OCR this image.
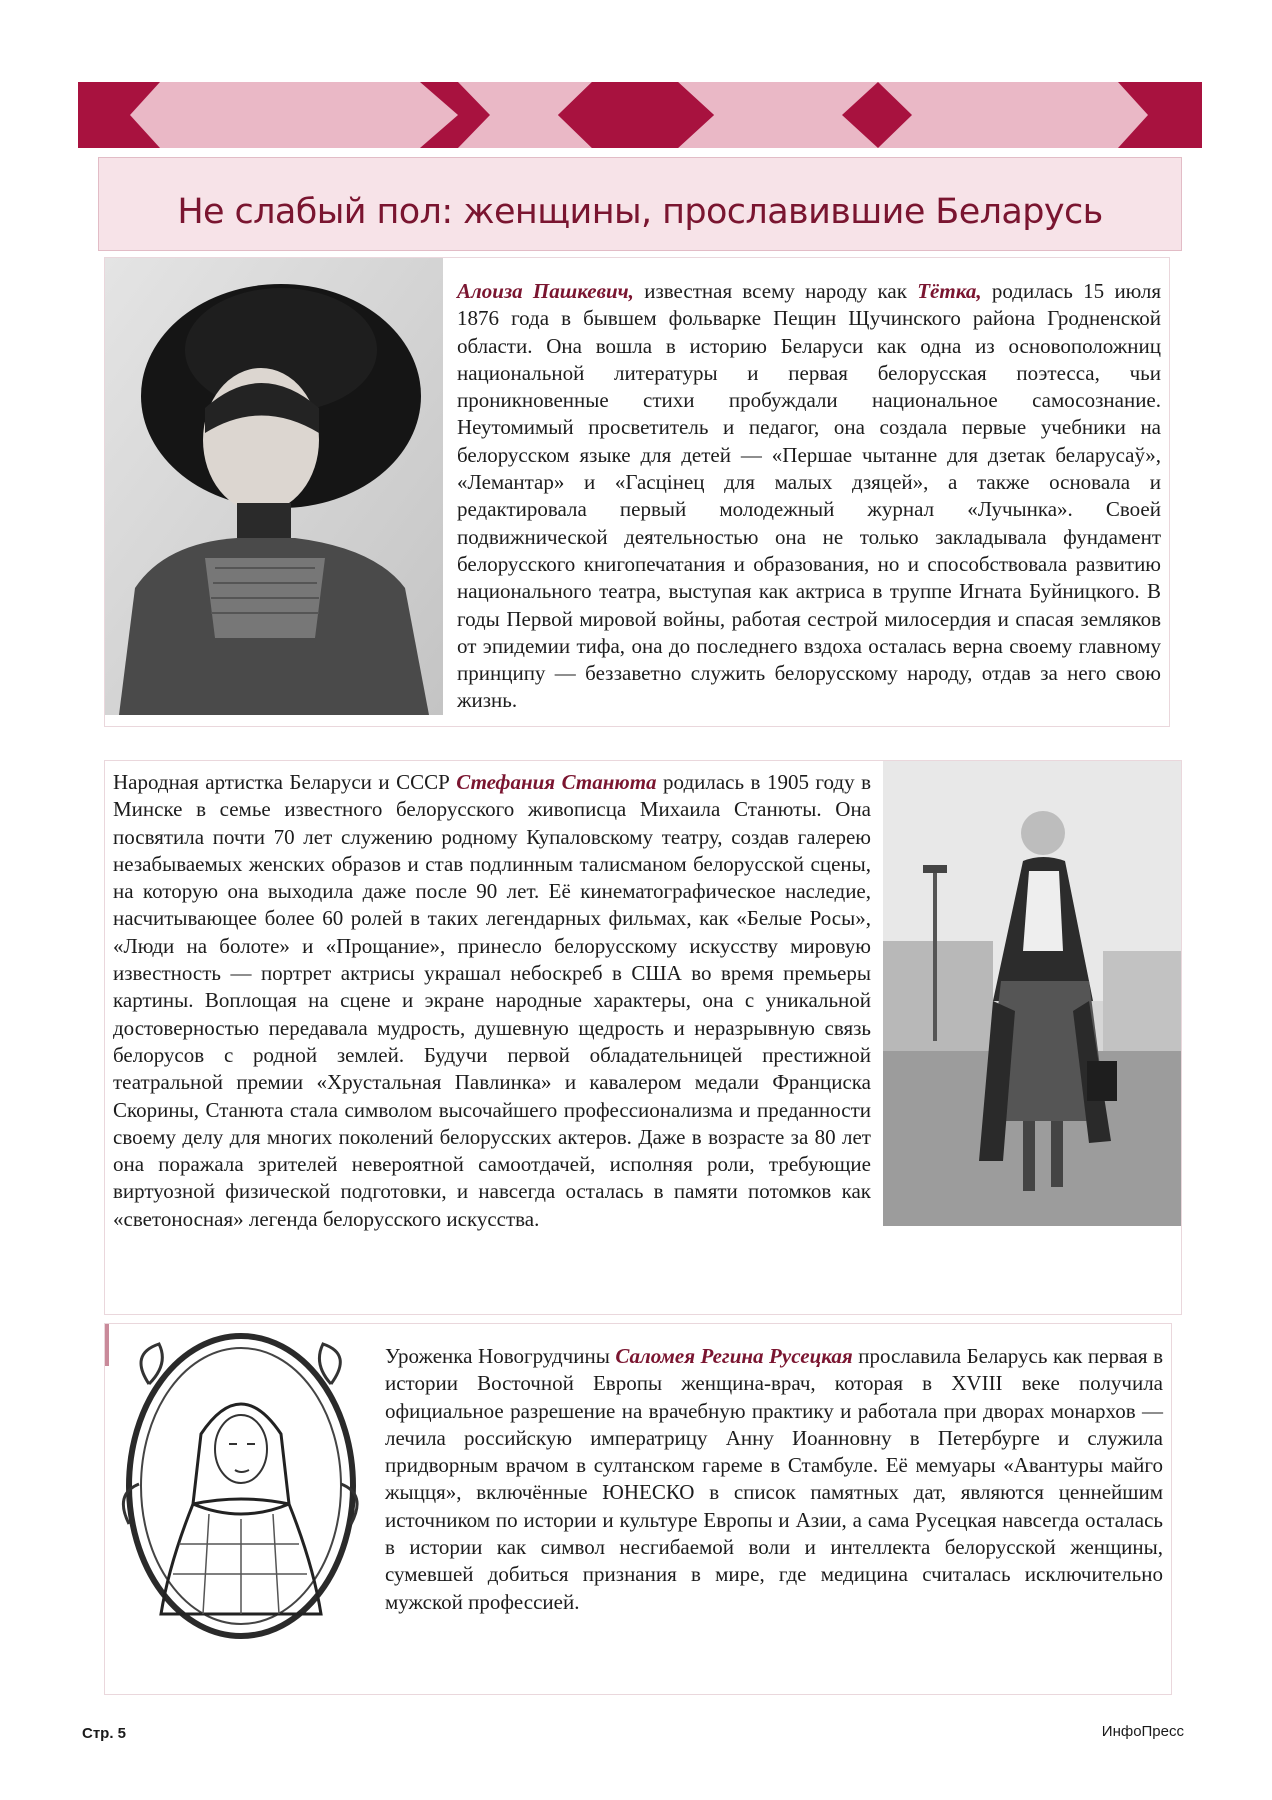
Не слабый пол: женщины, прославившие Беларусь

Алоиза Пашкевич, известная всему народу как Тётка, родилась 15 июля 1876 года в бывшем фольварке Пещин Щучинского района Гродненской области. Она вошла в историю Беларуси как одна из основоположниц национальной литературы и первая белорусская поэтесса, чьи проникновенные стихи пробуждали национальное самосознание. Неутомимый просветитель и педагог, она создала первые учебники на белорусском языке для детей — «Першае чытанне для дзетак беларусаў», «Лемантар» и «Гасцінец для малых дзяцей», а также основала и редактировала первый молодежный журнал «Лучынка». Своей подвижнической деятельностью она не только закладывала фундамент белорусского книгопечатания и образования, но и способствовала развитию национального театра, выступая как актриса в труппе Игната Буйницкого. В годы Первой мировой войны, работая сестрой милосердия и спасая земляков от эпидемии тифа, она до последнего вздоха осталась верна своему главному принципу — беззаветно служить белорусскому народу, отдав за него свою жизнь.

Народная артистка Беларуси и СССР Стефания Станюта родилась в 1905 году в Минске в семье известного белорусского живописца Михаила Станюты. Она посвятила почти 70 лет служению родному Купаловскому театру, создав галерею незабываемых женских образов и став подлинным талисманом белорусской сцены, на которую она выходила даже после 90 лет. Её кинематографическое наследие, насчитывающее более 60 ролей в таких легендарных фильмах, как «Белые Росы», «Люди на болоте» и «Прощание», принесло белорусскому искусству мировую известность — портрет актрисы украшал небоскреб в США во время премьеры картины. Воплощая на сцене и экране народные характеры, она с уникальной достоверностью передавала мудрость, душевную щедрость и неразрывную связь белорусов с родной землей. Будучи первой обладательницей престижной театральной премии «Хрустальная Павлинка» и кавалером медали Франциска Скорины, Станюта стала символом высочайшего профессионализма и преданности своему делу для многих поколений белорусских актеров. Даже в возрасте за 80 лет она поражала зрителей невероятной самоотдачей, исполняя роли, требующие виртуозной физической подготовки, и навсегда осталась в памяти потомков как «светоносная» легенда белорусского искусства.

Уроженка Новогрудчины Саломея Регина Русецкая прославила Беларусь как первая в истории Восточной Европы женщина-врач, которая в XVIII веке получила официальное разрешение на врачебную практику и работала при дворах монархов — лечила российскую императрицу Анну Иоанновну в Петербурге и служила придворным врачом в султанском гареме в Стамбуле. Её мемуары «Авантуры майго жыцця», включённые ЮНЕСКО в список памятных дат, являются ценнейшим источником по истории и культуре Европы и Азии, а сама Русецкая навсегда осталась в истории как символ несгибаемой воли и интеллекта белорусской женщины, сумевшей добиться признания в мире, где медицина считалась исключительно мужской профессией.

Стр. 5	ИнфоПресс
